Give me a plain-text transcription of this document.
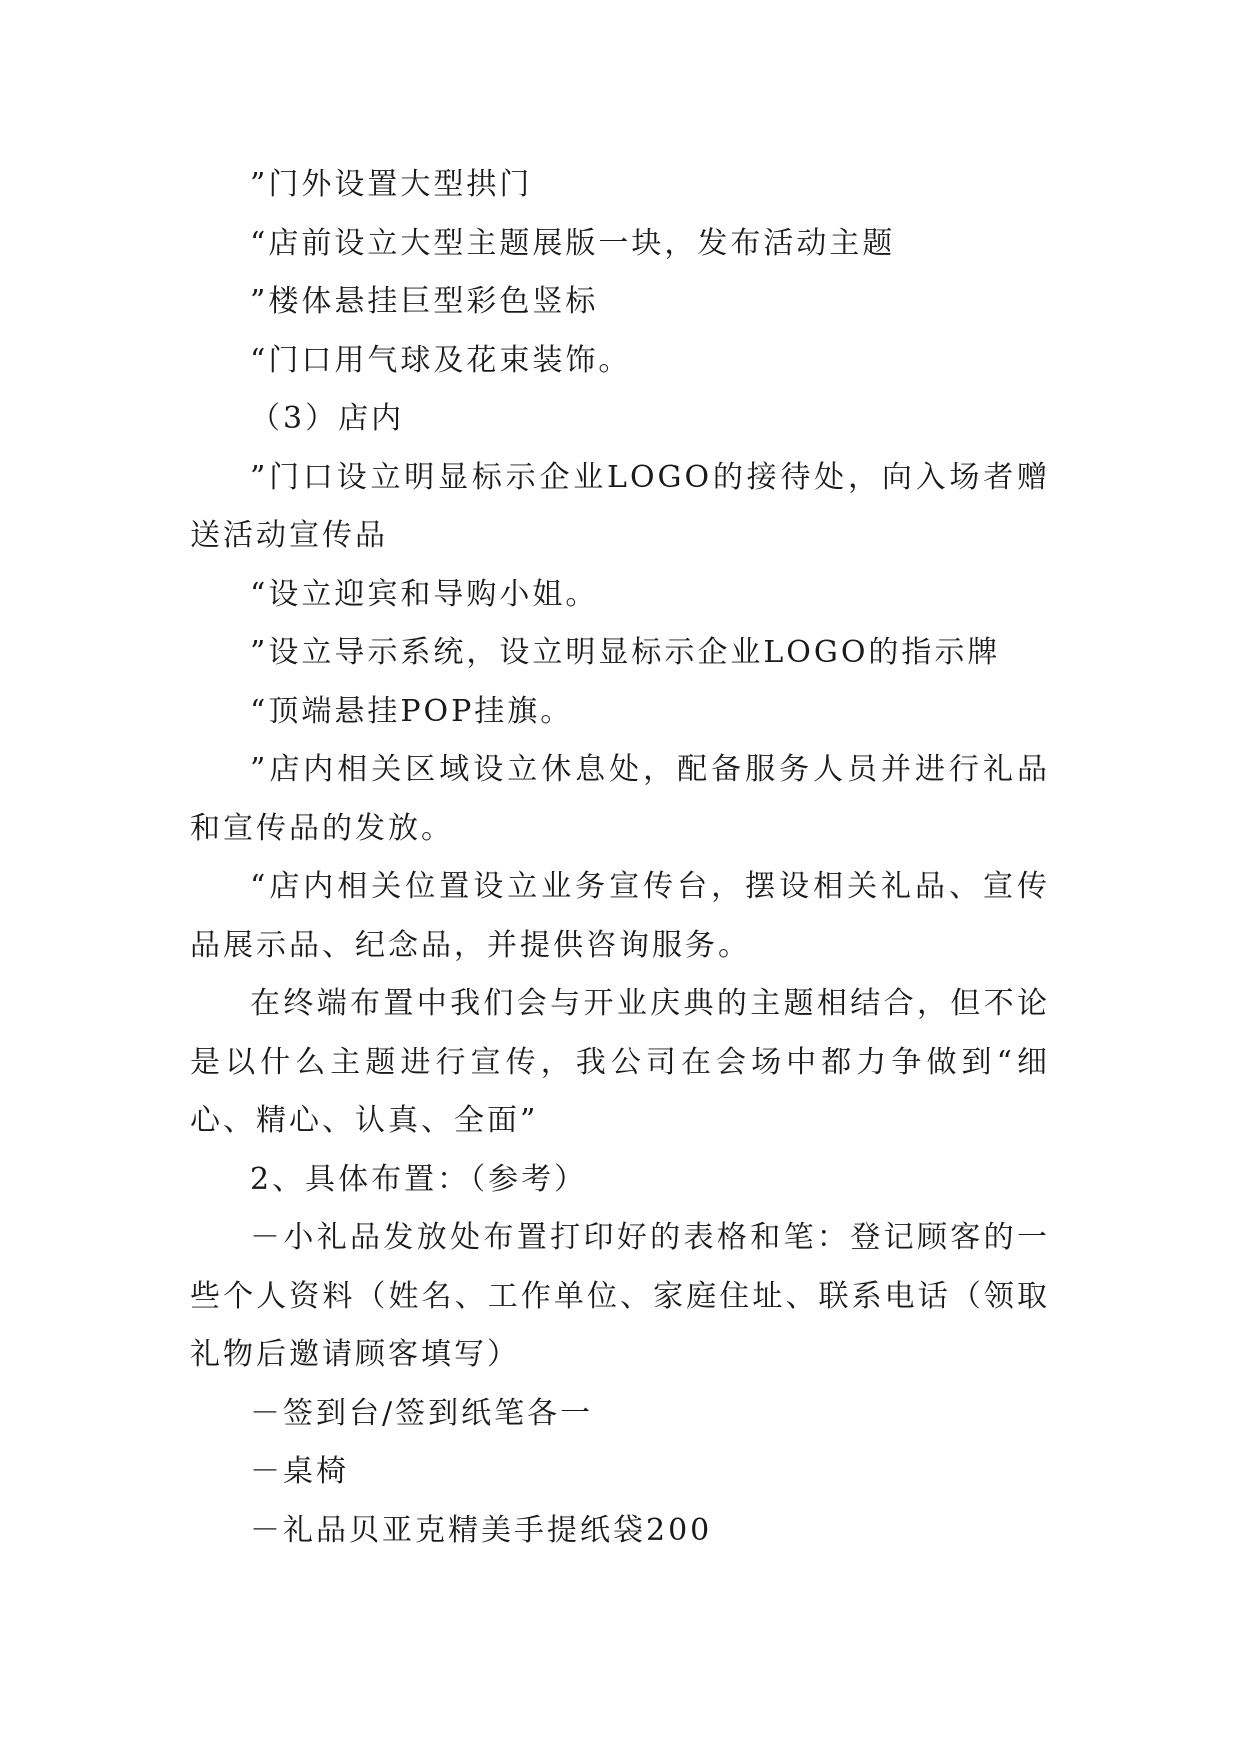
”门外设置大型拱门

“店前设立大型主题展版一块，发布活动主题

”楼体悬挂巨型彩色竖标

“门口用气球及花束装饰。

（3）店内

”门口设立明显标示企业LOGO的接待处，向入场者赠送活动宣传品

“设立迎宾和导购小姐。

”设立导示系统，设立明显标示企业LOGO的指示牌

“顶端悬挂POP挂旗。

”店内相关区域设立休息处，配备服务人员并进行礼品和宣传品的发放。

“店内相关位置设立业务宣传台，摆设相关礼品、宣传品展示品、纪念品，并提供咨询服务。

在终端布置中我们会与开业庆典的主题相结合，但不论是以什么主题进行宣传，我公司在会场中都力争做到“细心、精心、认真、全面”

2、具体布置：（参考）

－小礼品发放处布置打印好的表格和笔：登记顾客的一些个人资料（姓名、工作单位、家庭住址、联系电话（领取礼物后邀请顾客填写）

－签到台/签到纸笔各一

－桌椅

－礼品贝亚克精美手提纸袋200
